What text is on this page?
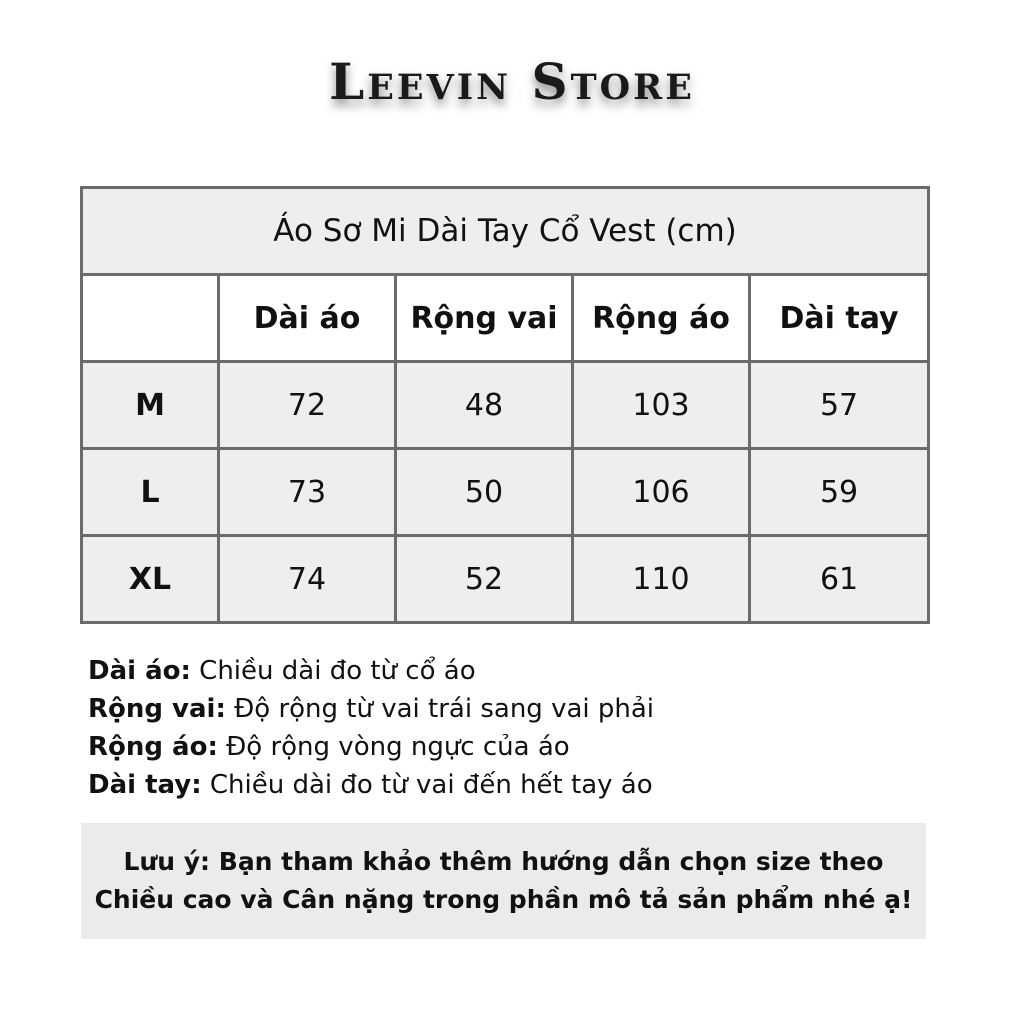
Leevin Store
Áo Sơ Mi Dài Tay Cổ Vest (cm)				
	Dài áo	Rộng vai	Rộng áo	Dài tay
M	72	48	103	57
L	73	50	106	59
XL	74	52	110	61
Dài áo: Chiều dài đo từ cổ áo
Rộng vai: Độ rộng từ vai trái sang vai phải
Rộng áo: Độ rộng vòng ngực của áo
Dài tay: Chiều dài đo từ vai đến hết tay áo
Lưu ý: Bạn tham khảo thêm hướng dẫn chọn size theo
Chiều cao và Cân nặng trong phần mô tả sản phẩm nhé ạ!
